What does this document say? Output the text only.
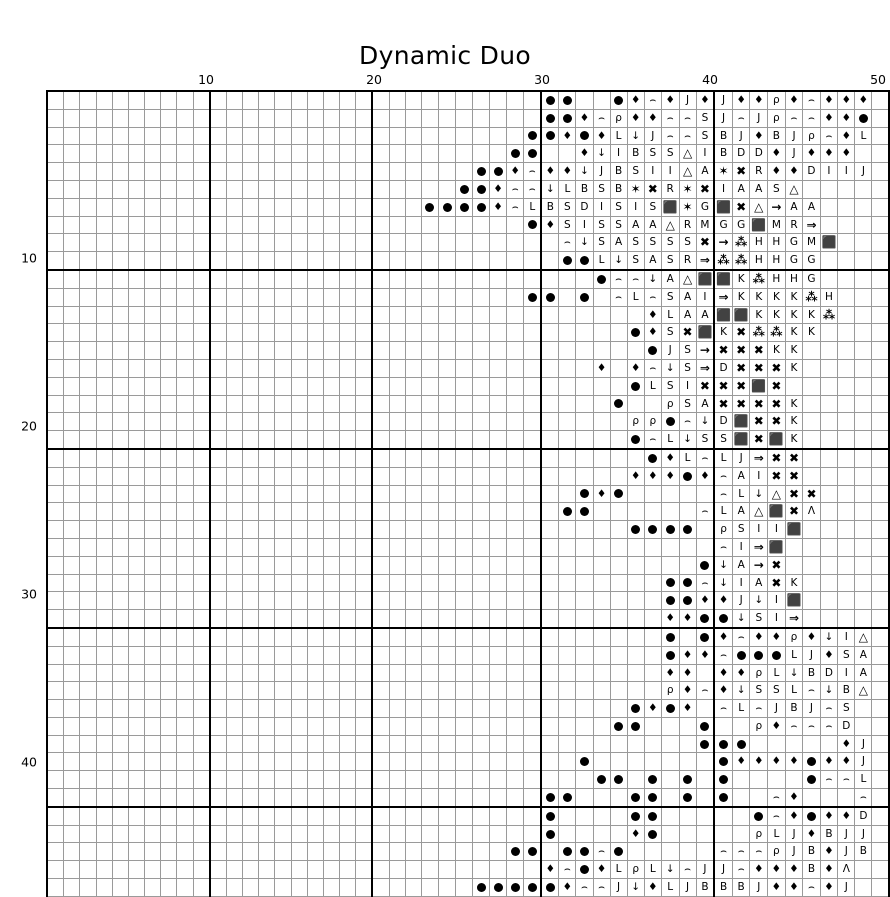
Dynamic Duo
10	20	30	40	50
10
20
30
40

																																			♦	⌢	♦	J	♦	J	♦	♦	ρ	♦	⌢	♦	♦	♦	

																																♦	⌢	ρ	♦	♦	⌢	⌢	S	J	⌢	J	ρ	⌢	⌢	♦	♦		

																															♦		♦	L	↓	J	⌢	⌢	S	B	J	♦	B	J	ρ	⌢	♦	L	

																																♦	↓	I	B	S	S	△	I	B	D	D	♦	J	♦	♦	♦		

																												♦	⌢	♦	♦	↓	J	B	S	I	I	△	A	✶	✖	R	♦	♦	D	I	I	J	

																											♦	⌢	⌢	↓	L	B	S	B	✶	✖	R	✶	✖	I	A	A	S	△					

																											♦	⌢	L	B	S	D	I	S	I	S	⬛	✶	G	⬛	✖	△	→	A	A				

																														♦	S	I	S	S	A	A	△	R	M	G	G	⬛	M	R	⇒				

																															⌢	↓	S	A	S	S	S	S	✖	→	⁂	H	H	G	M	⬛			

																																	L	↓	S	A	S	R	⇒	⁂	⁂	H	H	G	G				

																																		⌢	⌢	↓	A	△	⬛	⬛	K	⁂	H	H	G				

																																		⌢	L	⌢	S	A	I	⇒	K	K	K	K	⁂	H			

																																				♦	L	A	A	⬛	⬛	K	K	K	K	⁂			

																																				♦	S	✖	⬛	K	✖	⁂	⁂	K	K				

																																					J	S	→	✖	✖	✖	K	K					

																																	♦		♦	⌢	↓	S	⇒	D	✖	✖	✖	K					

																																				L	S	I	✖	✖	✖	⬛	✖						

																																					ρ	S	A	✖	✖	✖	✖	K					

																																			ρ	ρ		⌢	↓	D	⬛	✖	✖	K					

																																				⌢	L	↓	S	S	⬛	✖	⬛	K					

																																					♦	L	⌢	L	J	⇒	✖	✖					

																																			♦	♦	♦		♦	⌢	A	I	✖	✖					

																																	♦							⌢	L	↓	△	✖	✖				

																																							⌢	L	A	△	⬛	✖	Λ				

																																								ρ	S	I	I	⬛					

																																								⌢	I	⇒	⬛						

																																								↓	A	→	✖						

																																							⌢	↓	I	A	✖	K					

																																							♦	♦	J	↓	I	⬛					

																																					♦	♦			↓	S	I	⇒					

																																								♦	⌢	♦	♦	ρ	♦	↓	I	△	

																																						♦	♦	⌢				L	J	♦	S	A	

																																					♦	♦		♦	♦	ρ	L	↓	B	D	I	A	

																																					ρ	♦	⌢	♦	↓	S	S	L	⌢	↓	B	△	

																																				♦		♦		⌢	L	⌢	J	B	J	⌢	S		

																																										ρ	♦	⌢	⌢	⌢	D		

																																															♦	J	

																																									♦	♦	♦	♦		♦	♦	J	

																																														⌢	⌢	L	

																																											⌢	♦				⌢	

																																											⌢	♦		♦	♦	D	

																																			♦							ρ	L	J	♦	B	J	J	

																																	⌢							⌢	⌢	⌢	ρ	J	B	♦	J	B	

																														♦	⌢		♦	L	ρ	L	↓	⌢	J	J	⌢	♦	♦	♦	B	♦	Λ		

																															♦	⌢	⌢	J	↓	♦	L	J	B	B	B	J	♦	♦	⌢	♦	J		
